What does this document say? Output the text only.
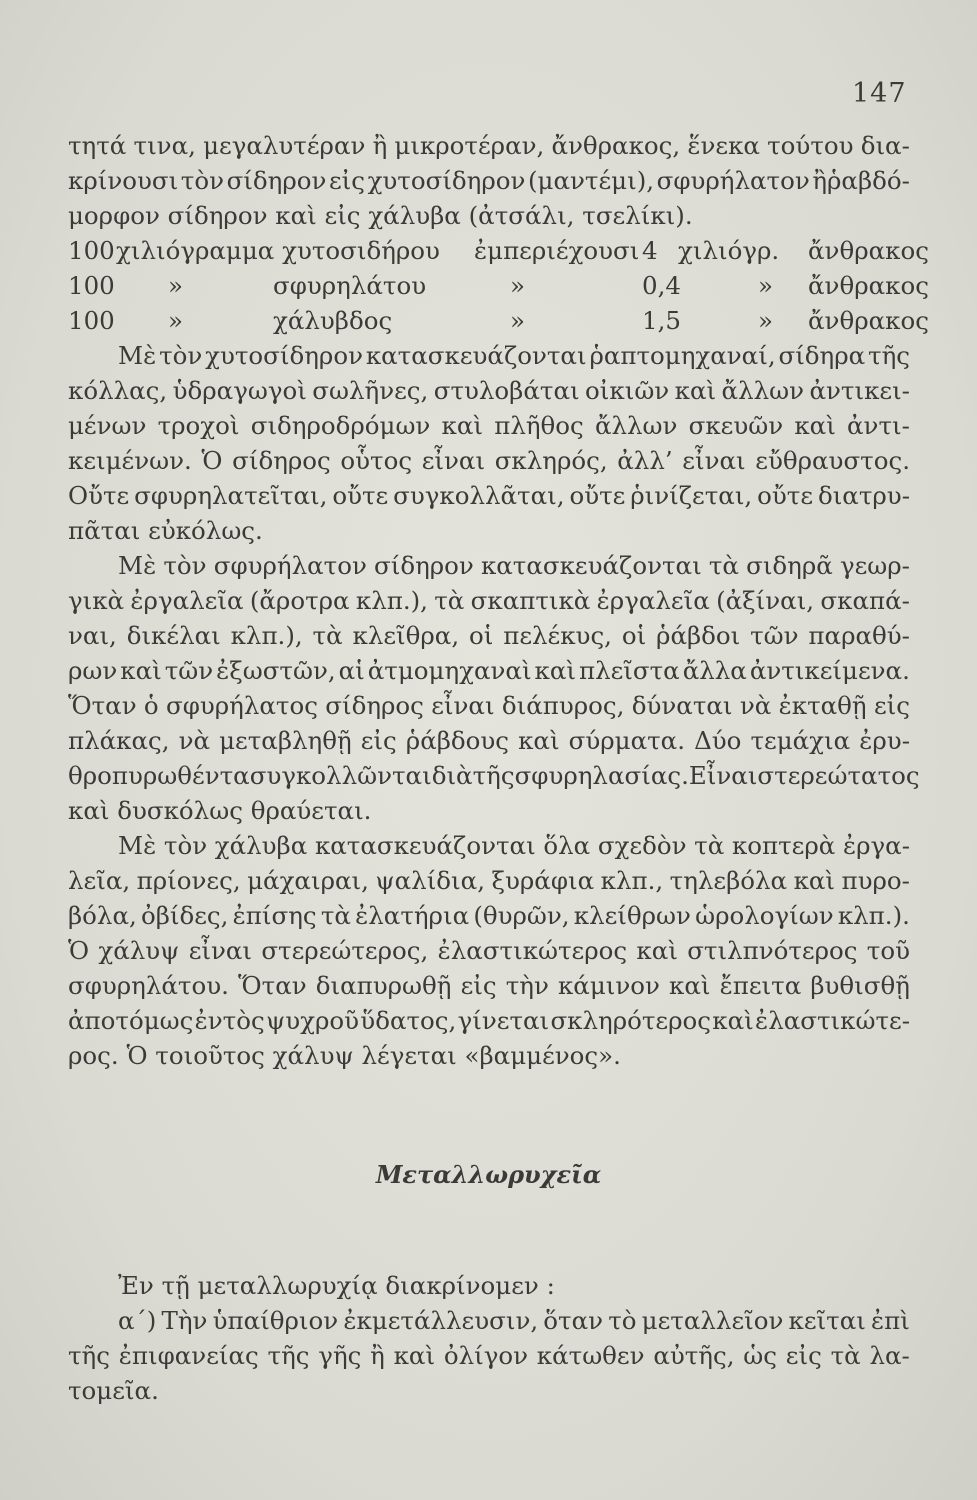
147
τητά τινα, μεγαλυτέραν ἢ μικροτέραν, ἄνθρακος, ἕνεκα τούτου δια-
κρίνουσι τὸν σίδηρον εἰς χυτοσίδηρον (μαντέμι), σφυρήλατον ἢῥαβδό-
μορφον σίδηρον καὶ εἰς χάλυβα (ἀτσάλι, τσελίκι).
100 χιλιόγραμμα χυτοσιδήρου ἐμπεριέχουσι 4 χιλιόγρ. ἄνθρακος
100 »	σφυρηλάτου	»	0,4	» ἄνθρακος
100 »	χάλυβδος	»	1,5	» ἄνθρακος
Μὲ τὸν χυτοσίδηρον κατασκευάζονται ῥαπτομηχαναί, σίδηρα τῆς
κόλλας, ὑδραγωγοὶ σωλῆνες, στυλοβάται οἰκιῶν καὶ ἄλλων ἀντικει-
μένων τροχοὶ σιδηροδρόμων καὶ πλῆθος ἄλλων σκευῶν καὶ ἀντι-
κειμένων. Ὁ σίδηρος οὗτος εἶναι σκληρός, ἀλλ’ εἶναι εὔθραυστος.
Οὔτε σφυρηλατεῖται, οὔτε συγκολλᾶται, οὔτε ῥινίζεται, οὔτε διατρυ-
πᾶται εὐκόλως.
Μὲ τὸν σφυρήλατον σίδηρον κατασκευάζονται τὰ σιδηρᾶ γεωρ-
γικὰ ἐργαλεῖα (ἄροτρα κλπ.), τὰ σκαπτικὰ ἐργαλεῖα (ἀξίναι, σκαπά-
ναι, δικέλαι κλπ.), τὰ κλεῖθρα, οἱ πελέκυς, οἱ ῥάβδοι τῶν παραθύ-
ρων καὶ τῶν ἐξωστῶν, αἱ ἀτμομηχαναὶ καὶ πλεῖστα ἄλλα ἀντικείμενα.
Ὅταν ὁ σφυρήλατος σίδηρος εἶναι διάπυρος, δύναται νὰ ἐκταθῇ εἰς
πλάκας, νὰ μεταβληθῇ εἰς ῥάβδους καὶ σύρματα. Δύο τεμάχια ἐρυ-
θροπυρωθέντα συγκολλῶνται διὰ τῆς σφυρηλασίας. Εἶναι στερεώτατος
καὶ δυσκόλως θραύεται.
Μὲ τὸν χάλυβα κατασκευάζονται ὅλα σχεδὸν τὰ κοπτερὰ ἐργα-
λεῖα, πρίονες, μάχαιραι, ψαλίδια, ξυράφια κλπ., τηλεβόλα καὶ πυρο-
βόλα, ὀβίδες, ἐπίσης τὰ ἐλατήρια (θυρῶν, κλείθρων ὡρολογίων κλπ.).
Ὁ χάλυψ εἶναι στερεώτερος, ἐλαστικώτερος καὶ στιλπνότερος τοῦ
σφυρηλάτου. Ὅταν διαπυρωθῇ εἰς τὴν κάμινον καὶ ἔπειτα βυθισθῇ
ἀποτόμως ἐντὸς ψυχροῦ ὕδατος, γίνεται σκληρότερος καὶ ἐλαστικώτε-
ρος. Ὁ τοιοῦτος χάλυψ λέγεται «βαμμένος».
Μεταλλωρυχεῖα
Ἐν τῇ μεταλλωρυχίᾳ διακρίνομεν :
α΄) Τὴν ὑπαίθριον ἐκμετάλλευσιν, ὅταν τὸ μεταλλεῖον κεῖται ἐπὶ
τῆς ἐπιφανείας τῆς γῆς ἢ καὶ ὀλίγον κάτωθεν αὐτῆς, ὡς εἰς τὰ λα-
τομεῖα.
